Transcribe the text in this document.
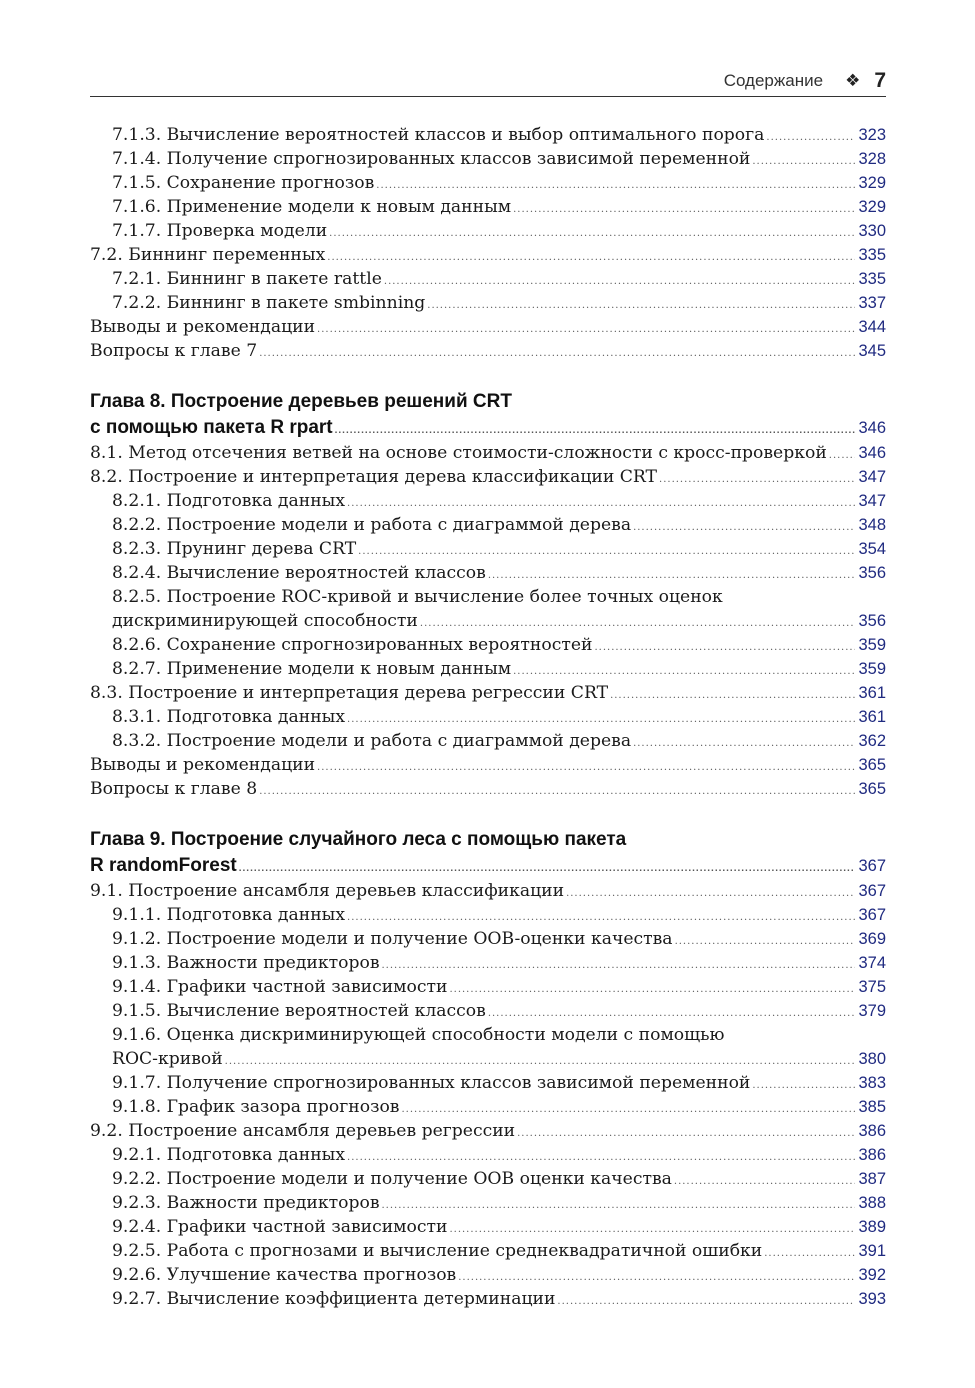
Содержание ❖ 7
7.1.3. Вычисление вероятностей классов и выбор оптимального порога .....	323
7.1.4. Получение спрогнозированных классов зависимой переменной .....	328
7.1.5. Сохранение прогнозов .....	329
7.1.6. Применение модели к новым данным .....	329
7.1.7. Проверка модели .....	330
7.2. Биннинг переменных .....	335
7.2.1. Биннинг в пакете rattle .....	335
7.2.2. Биннинг в пакете smbinning .....	337
Выводы и рекомендации .....	344
Вопросы к главе 7 .....	345
Глава 8. Построение деревьев решений CRT
с помощью пакета R rpart .....	346
8.1. Метод отсечения ветвей на основе стоимости-сложности с кросс-проверкой ..... 346
8.2. Построение и интерпретация дерева классификации CRT .....	347
8.2.1. Подготовка данных .....	347
8.2.2. Построение модели и работа с диаграммой дерева .....	348
8.2.3. Прунинг дерева CRT .....	354
8.2.4. Вычисление вероятностей классов .....	356
8.2.5. Построение ROC-кривой и вычисление более точных оценок
дискриминирующей способности .....	356
8.2.6. Сохранение спрогнозированных вероятностей .....	359
8.2.7. Применение модели к новым данным .....	359
8.3. Построение и интерпретация дерева регрессии CRT .....	361
8.3.1. Подготовка данных .....	361
8.3.2. Построение модели и работа с диаграммой дерева .....	362
Выводы и рекомендации .....	365
Вопросы к главе 8 .....	365
Глава 9. Построение случайного леса с помощью пакета
R randomForest .....	367
9.1. Построение ансамбля деревьев классификации .....	367
9.1.1. Подготовка данных .....	367
9.1.2. Построение модели и получение OOB-оценки качества .....	369
9.1.3. Важности предикторов .....	374
9.1.4. Графики частной зависимости .....	375
9.1.5. Вычисление вероятностей классов .....	379
9.1.6. Оценка дискриминирующей способности модели с помощью
ROC-кривой .....	380
9.1.7. Получение спрогнозированных классов зависимой переменной .....	383
9.1.8. График зазора прогнозов .....	385
9.2. Построение ансамбля деревьев регрессии .....	386
9.2.1. Подготовка данных .....	386
9.2.2. Построение модели и получение OOB оценки качества .....	387
9.2.3. Важности предикторов .....	388
9.2.4. Графики частной зависимости .....	389
9.2.5. Работа с прогнозами и вычисление среднеквадратичной ошибки .....	391
9.2.6. Улучшение качества прогнозов .....	392
9.2.7. Вычисление коэффициента детерминации .....	393
